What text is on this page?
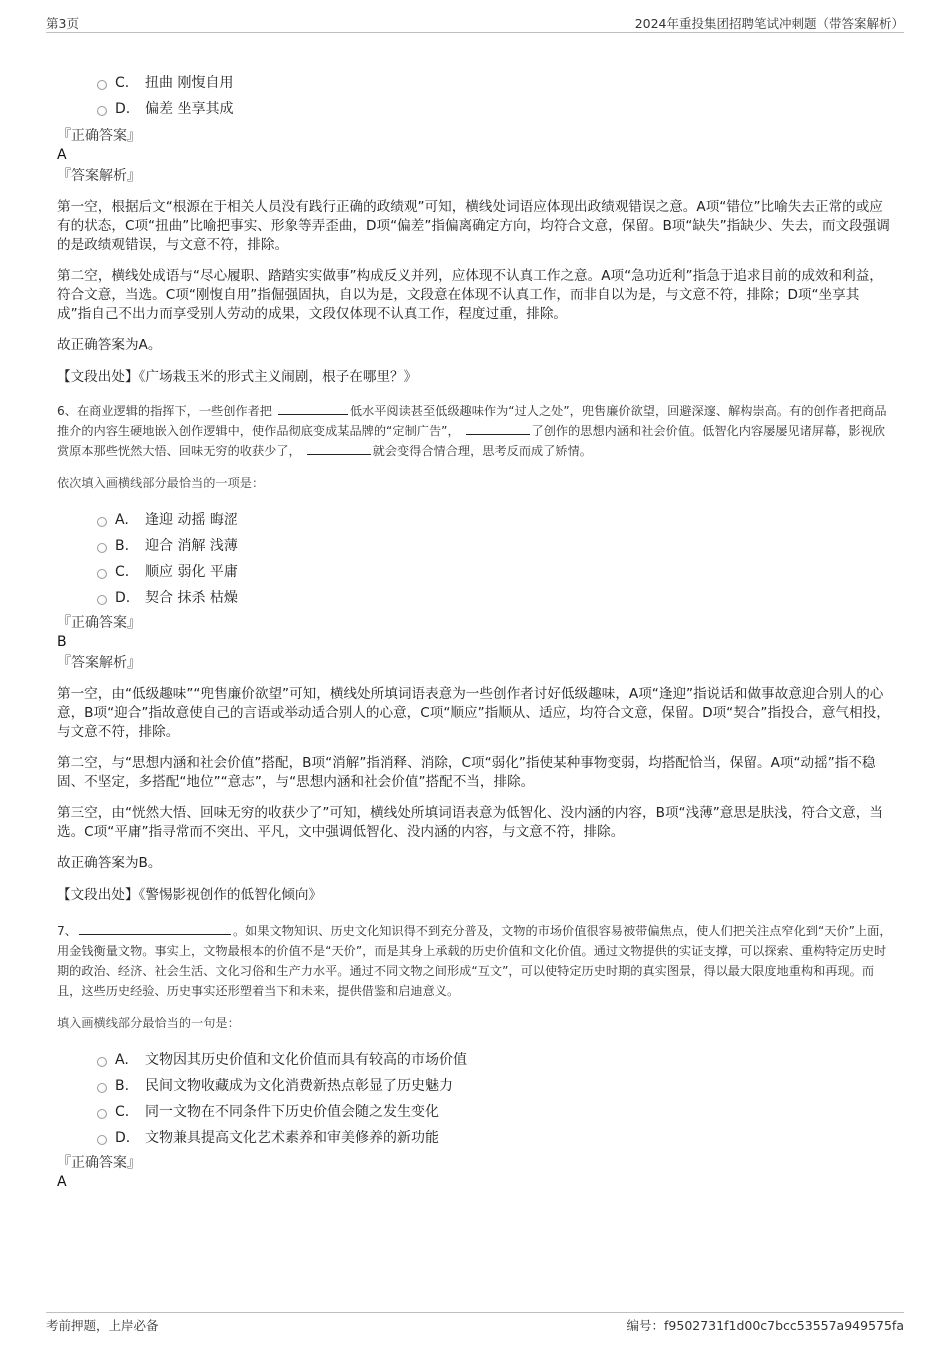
第3页	2024年重投集团招聘笔试冲刺题（带答案解析）
C. 扭曲 刚愎自用
D. 偏差 坐享其成
『正确答案』
A
『答案解析』

第一空，根据后文“根源在于相关人员没有践行正确的政绩观”可知，横线处词语应体现出政绩观错误之意。A项“错位”比喻失去正常的或应有的状态，C项“扭曲”比喻把事实、形象等弄歪曲，D项“偏差”指偏离确定方向，均符合文意，保留。B项“缺失”指缺少、失去，而文段强调的是政绩观错误，与文意不符，排除。

第二空，横线处成语与“尽心履职、踏踏实实做事”构成反义并列，应体现不认真工作之意。A项“急功近利”指急于追求目前的成效和利益，符合文意，当选。C项“刚愎自用”指倔强固执，自以为是，文段意在体现不认真工作，而非自以为是，与文意不符，排除；D项“坐享其成”指自己不出力而享受别人劳动的成果，文段仅体现不认真工作，程度过重，排除。

故正确答案为A。

【文段出处】《广场栽玉米的形式主义闹剧，根子在哪里？》
6、在商业逻辑的指挥下，一些创作者把	低水平阅读甚至低级趣味作为“过人之处”，兜售廉价欲望，回避深邃、解构崇高。有的创作者把商品推介的内容生硬地嵌入创作逻辑中，使作品彻底变成某品牌的“定制广告”，	了创作的思想内涵和社会价值。低智化内容屡屡见诸屏幕，影视欣赏原本那些恍然大悟、回味无穷的收获少了，	就会变得合情合理，思考反而成了矫情。
依次填入画横线部分最恰当的一项是：
A. 逢迎 动摇 晦涩
B. 迎合 消解 浅薄
C. 顺应 弱化 平庸
D. 契合 抹杀 枯燥
『正确答案』
B
『答案解析』

第一空，由“低级趣味”“兜售廉价欲望”可知，横线处所填词语表意为一些创作者讨好低级趣味，A项“逢迎”指说话和做事故意迎合别人的心意，B项“迎合”指故意使自己的言语或举动适合别人的心意，C项“顺应”指顺从、适应，均符合文意，保留。D项“契合”指投合，意气相投，与文意不符，排除。

第二空，与“思想内涵和社会价值”搭配，B项“消解”指消释、消除，C项“弱化”指使某种事物变弱，均搭配恰当，保留。A项“动摇”指不稳固、不坚定，多搭配“地位”“意志”，与“思想内涵和社会价值”搭配不当，排除。

第三空，由“恍然大悟、回味无穷的收获少了”可知，横线处所填词语表意为低智化、没内涵的内容，B项“浅薄”意思是肤浅，符合文意，当选。C项“平庸”指寻常而不突出、平凡，文中强调低智化、没内涵的内容，与文意不符，排除。

故正确答案为B。

【文段出处】《警惕影视创作的低智化倾向》
7、	。如果文物知识、历史文化知识得不到充分普及，文物的市场价值很容易被带偏焦点，使人们把关注点窄化到“天价”上面，用金钱衡量文物。事实上，文物最根本的价值不是“天价”，而是其身上承载的历史价值和文化价值。通过文物提供的实证支撑，可以探索、重构特定历史时期的政治、经济、社会生活、文化习俗和生产力水平。通过不同文物之间形成“互文”，可以使特定历史时期的真实图景，得以最大限度地重构和再现。而且，这些历史经验、历史事实还形塑着当下和未来，提供借鉴和启迪意义。
填入画横线部分最恰当的一句是：
A. 文物因其历史价值和文化价值而具有较高的市场价值
B. 民间文物收藏成为文化消费新热点彰显了历史魅力
C. 同一文物在不同条件下历史价值会随之发生变化
D. 文物兼具提高文化艺术素养和审美修养的新功能
『正确答案』
A
考前押题，上岸必备	编号：f9502731f1d00c7bcc53557a949575fa
